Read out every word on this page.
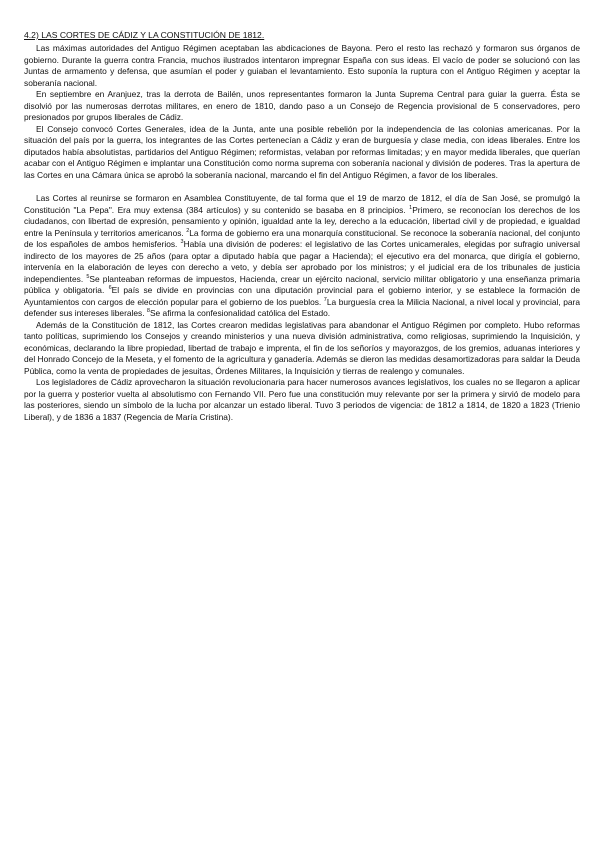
4.2) LAS CORTES DE CÁDIZ Y LA CONSTITUCIÓN DE 1812.

Las máximas autoridades del Antiguo Régimen aceptaban las abdicaciones de Bayona. Pero el resto las rechazó y formaron sus órganos de gobierno. Durante la guerra contra Francia, muchos ilustrados intentaron impregnar España con sus ideas. El vacío de poder se solucionó con las Juntas de armamento y defensa, que asumían el poder y guiaban el levantamiento. Esto suponía la ruptura con el Antiguo Régimen y aceptar la soberanía nacional.

En septiembre en Aranjuez, tras la derrota de Bailén, unos representantes formaron la Junta Suprema Central para guiar la guerra. Ésta se disolvió por las numerosas derrotas militares, en enero de 1810, dando paso a un Consejo de Regencia provisional de 5 conservadores, pero presionados por grupos liberales de Cádiz.

El Consejo convocó Cortes Generales, idea de la Junta, ante una posible rebelión por la independencia de las colonias americanas. Por la situación del país por la guerra, los integrantes de las Cortes pertenecían a Cádiz y eran de burguesía y clase media, con ideas liberales. Entre los diputados había absolutistas, partidarios del Antiguo Régimen; reformistas, velaban por reformas limitadas; y en mayor medida liberales, que querían acabar con el Antiguo Régimen e implantar una Constitución como norma suprema con soberanía nacional y división de poderes. Tras la apertura de las Cortes en una Cámara única se aprobó la soberanía nacional, marcando el fin del Antiguo Régimen, a favor de los liberales.

Las Cortes al reunirse se formaron en Asamblea Constituyente, de tal forma que el 19 de marzo de 1812, el día de San José, se promulgó la Constitución "La Pepa". Era muy extensa (384 artículos) y su contenido se basaba en 8 principios. $^1$Primero, se reconocían los derechos de los ciudadanos, con libertad de expresión, pensamiento y opinión, igualdad ante la ley, derecho a la educación, libertad civil y de propiedad, e igualdad entre la Península y territorios americanos. $^2$La forma de gobierno era una monarquía constitucional. Se reconoce la soberanía nacional, del conjunto de los españoles de ambos hemisferios. $^3$Había una división de poderes: el legislativo de las Cortes unicamerales, elegidas por sufragio universal indirecto de los mayores de 25 años (para optar a diputado había que pagar a Hacienda); el ejecutivo era del monarca, que dirigía el gobierno, intervenía en la elaboración de leyes con derecho a veto, y debía ser aprobado por los ministros; y el judicial era de los tribunales de justicia independientes. $^5$Se planteaban reformas de impuestos, Hacienda, crear un ejército nacional, servicio militar obligatorio y una enseñanza primaria pública y obligatoria. $^6$El país se divide en provincias con una diputación provincial para el gobierno interior, y se establece la formación de Ayuntamientos con cargos de elección popular para el gobierno de los pueblos. $^7$La burguesía crea la Milicia Nacional, a nivel local y provincial, para defender sus intereses liberales. $^8$Se afirma la confesionalidad católica del Estado.

Además de la Constitución de 1812, las Cortes crearon medidas legislativas para abandonar el Antiguo Régimen por completo. Hubo reformas tanto políticas, suprimiendo los Consejos y creando ministerios y una nueva división administrativa, como religiosas, suprimiendo la Inquisición, y económicas, declarando la libre propiedad, libertad de trabajo e imprenta, el fin de los señoríos y mayorazgos, de los gremios, aduanas interiores y del Honrado Concejo de la Meseta, y el fomento de la agricultura y ganadería. Además se dieron las medidas desamortizadoras para saldar la Deuda Pública, como la venta de propiedades de jesuitas, Órdenes Militares, la Inquisición y tierras de realengo y comunales.

Los legisladores de Cádiz aprovecharon la situación revolucionaria para hacer numerosos avances legislativos, los cuales no se llegaron a aplicar por la guerra y posterior vuelta al absolutismo con Fernando VII. Pero fue una constitución muy relevante por ser la primera y sirvió de modelo para las posteriores, siendo un símbolo de la lucha por alcanzar un estado liberal. Tuvo 3 periodos de vigencia: de 1812 a 1814, de 1820 a 1823 (Trienio Liberal), y de 1836 a 1837 (Regencia de María Cristina).
